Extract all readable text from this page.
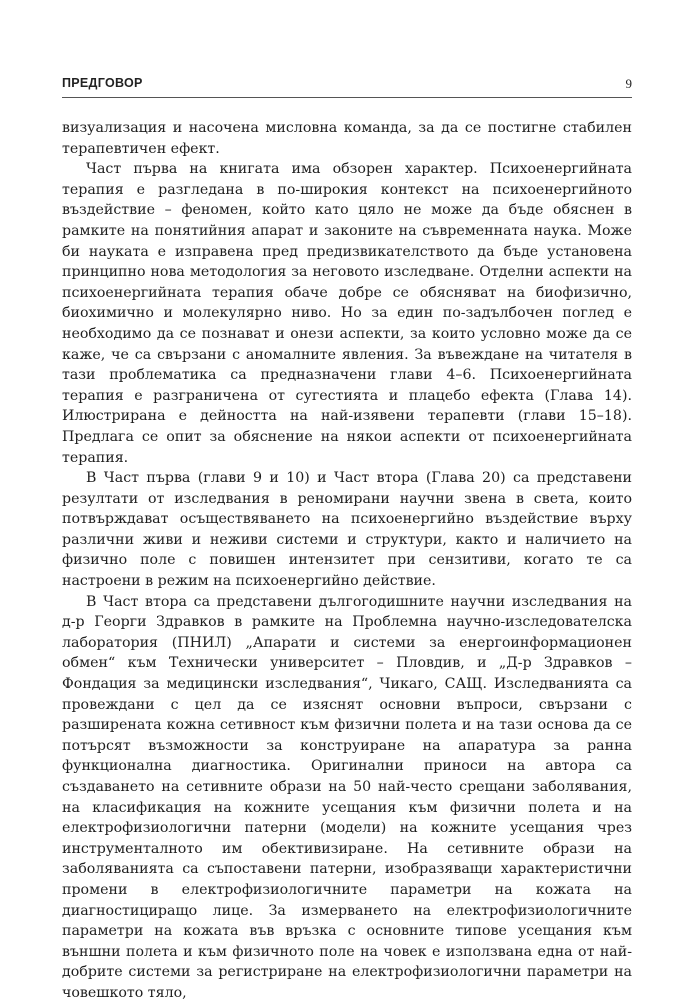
ПРЕДГОВОР	9

визуализация и насочена мисловна команда, за да се постигне стабилен терапевтичен ефект.

Част първа на книгата има обзорен характер. Психоенергийната терапия е разгледана в по-широкия контекст на психоенергийното въздействие – феномен, който като цяло не може да бъде обяснен в рамките на понятийния апарат и законите на съвременната наука. Може би науката е изправена пред предизвикателството да бъде установена принципно нова методология за неговото изследване. Отделни аспекти на психоенергийната терапия обаче добре се обясняват на биофизично, биохимично и молекулярно ниво. Но за един по-задълбочен поглед е необходимо да се познават и онези аспекти, за които условно може да се каже, че са свързани с аномалните явления. За въвеждане на читателя в тази проблематика са предназначени глави 4–6. Психоенергийната терапия е разграничена от сугестията и плацебо ефекта (Глава 14). Илюстрирана е дейността на най-изявени терапевти (глави 15–18). Предлага се опит за обяснение на някои аспекти от психоенергийната терапия.

В Част първа (глави 9 и 10) и Част втора (Глава 20) са представени резултати от изследвания в реномирани научни звена в света, които потвърждават осъществяването на психоенергийно въздействие върху различни живи и неживи системи и структури, както и наличието на физично поле с повишен интензитет при сензитиви, когато те са настроени в режим на психоенергийно действие.

В Част втора са представени дългогодишните научни изследвания на д-р Георги Здравков в рамките на Проблемна научно-изследователска лаборатория (ПНИЛ) „Апарати и системи за енергоинформационен обмен“ към Технически университет – Пловдив, и „Д-р Здравков – Фондация за медицински изследвания“, Чикаго, САЩ. Изследванията са провеждани с цел да се изяснят основни въпроси, свързани с разширената кожна сетивност към физични полета и на тази основа да се потърсят възможности за конструиране на апаратура за ранна функционална диагностика. Оригинални приноси на автора са създаването на сетивните образи на 50 най-често срещани заболявания, на класификация на кожните усещания към физични полета и на електрофизиологични патерни (модели) на кожните усещания чрез инструменталното им обективизиране. На сетивните образи на заболяванията са съпоставени патерни, изобразяващи характеристични промени в електрофизиологичните параметри на кожата на диагностициращо лице. За измерването на електрофизиологичните параметри на кожата във връзка с основните типове усещания към външни полета и към физичното поле на човек е използвана една от най-добрите системи за регистриране на електрофизиологични параметри на човешкото тяло,
